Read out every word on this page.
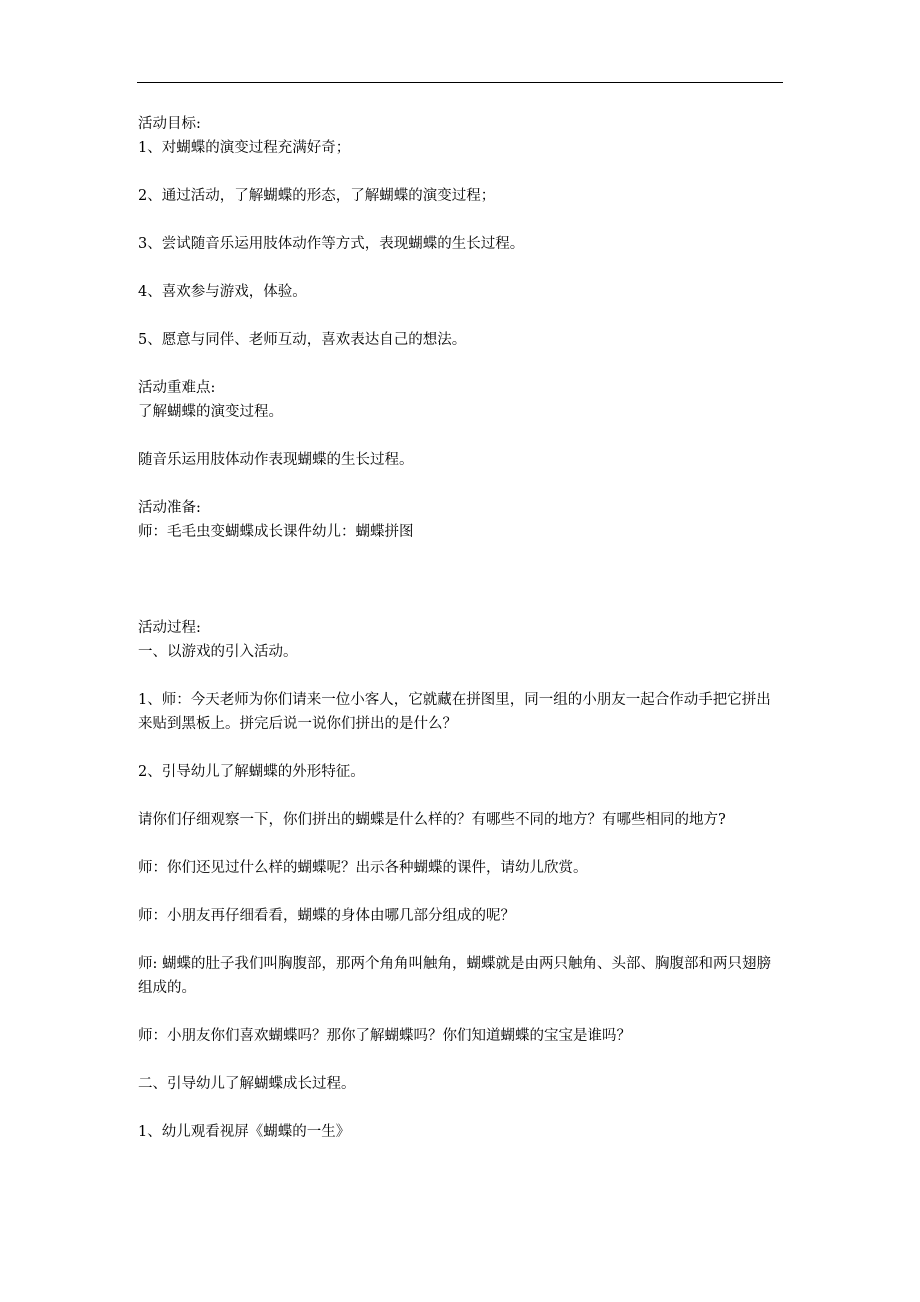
活动目标:
1、对蝴蝶的演变过程充满好奇；
2、通过活动，了解蝴蝶的形态，了解蝴蝶的演变过程；
3、尝试随音乐运用肢体动作等方式，表现蝴蝶的生长过程。
4、喜欢参与游戏，体验。
5、愿意与同伴、老师互动，喜欢表达自己的想法。
活动重难点:
了解蝴蝶的演变过程。
随音乐运用肢体动作表现蝴蝶的生长过程。
活动准备:
师：毛毛虫变蝴蝶成长课件幼儿：蝴蝶拼图
活动过程:
一、以游戏的引入活动。
1、师：今天老师为你们请来一位小客人，它就藏在拼图里，同一组的小朋友一起合作动手把它拼出来贴到黑板上。拼完后说一说你们拼出的是什么？
2、引导幼儿了解蝴蝶的外形特征。
请你们仔细观察一下，你们拼出的蝴蝶是什么样的？有哪些不同的地方？有哪些相同的地方?
师：你们还见过什么样的蝴蝶呢？出示各种蝴蝶的课件，请幼儿欣赏。
师：小朋友再仔细看看，蝴蝶的身体由哪几部分组成的呢？
师: 蝴蝶的肚子我们叫胸腹部，那两个角角叫触角，蝴蝶就是由两只触角、头部、胸腹部和两只翅膀组成的。
师：小朋友你们喜欢蝴蝶吗？那你了解蝴蝶吗？你们知道蝴蝶的宝宝是谁吗？
二、引导幼儿了解蝴蝶成长过程。
1、幼儿观看视屏《蝴蝶的一生》
